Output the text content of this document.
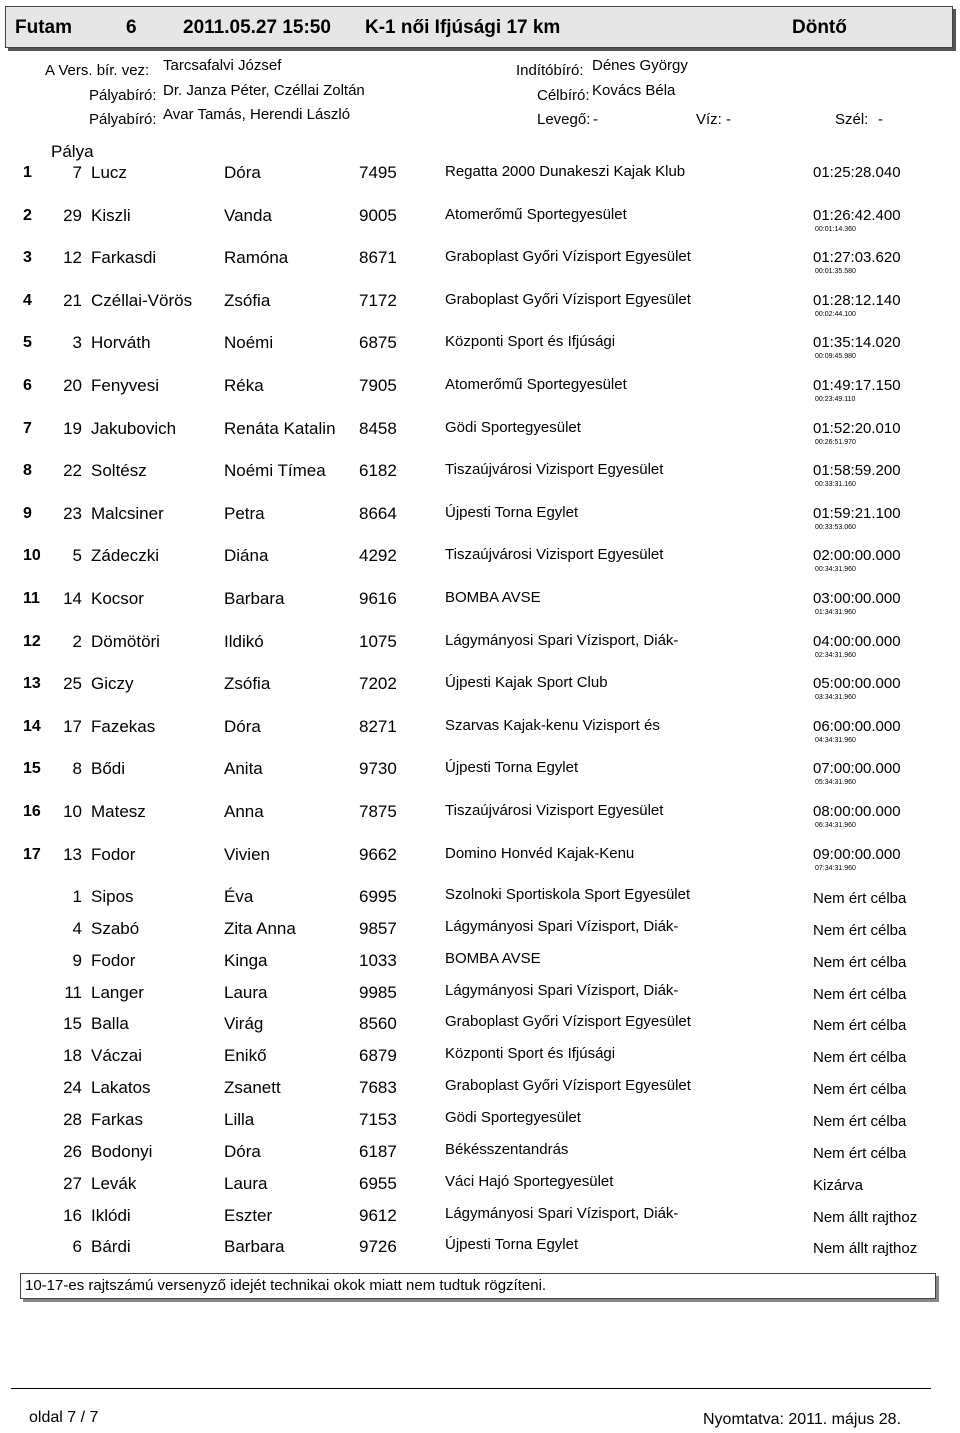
Futam	6 2011.05.27 15:50 K-1 női Ifjúsági 17 km	Döntő
A Vers. bír. vez: Tarcsafalvi József
Pályabíró: Dr. Janza Péter, Czéllai Zoltán
Pályabíró: Avar Tamás, Herendi László
Indítóbíró: Dénes György
Célbíró: Kovács Béla
Levegő: -	Víz: -	Szél: -
Pálya
1	7 Lucz	Dóra	7495	Regatta 2000 Dunakeszi Kajak Klub	01:25:28.040
2	29 Kiszli	Vanda	9005	Atomerőmű Sportegyesület	01:26:42.400
00:01:14.360
3	12 Farkasdi	Ramóna	8671	Graboplast Győri Vízisport Egyesület	01:27:03.620
00:01:35.580
4	21 Czéllai-Vörös Zsófia	7172	Graboplast Győri Vízisport Egyesület	01:28:12.140
00:02:44.100
5	3 Horváth	Noémi	6875	Központi Sport és Ifjúsági	01:35:14.020
00:09:45.980
6	20 Fenyvesi	Réka	7905	Atomerőmű Sportegyesület	01:49:17.150
00:23:49.110
7	19 Jakubovich	Renáta Katalin 8458	Gödi Sportegyesület	01:52:20.010
00:26:51.970
8	22 Soltész	Noémi Tímea 6182	Tiszaújvárosi Vizisport Egyesület	01:58:59.200
00:33:31.160
9	23 Malcsiner	Petra	8664	Újpesti Torna Egylet	01:59:21.100
00:33:53.060
10	5 Zádeczki	Diána	4292	Tiszaújvárosi Vizisport Egyesület	02:00:00.000
00:34:31.960
11	14 Kocsor	Barbara	9616	BOMBA AVSE	03:00:00.000
01:34:31.960
12	2 Dömötöri	Ildikó	1075	Lágymányosi Spari Vízisport, Diák-	04:00:00.000
02:34:31.960
13	25 Giczy	Zsófia	7202	Újpesti Kajak Sport Club	05:00:00.000
03:34:31.960
14	17 Fazekas	Dóra	8271	Szarvas Kajak-kenu Vizisport és	06:00:00.000
04:34:31.960
15	8 Bődi	Anita	9730	Újpesti Torna Egylet	07:00:00.000
05:34:31.960
16	10 Matesz	Anna	7875	Tiszaújvárosi Vizisport Egyesület	08:00:00.000
06:34:31.960
17	13 Fodor	Vivien	9662	Domino Honvéd Kajak-Kenu	09:00:00.000
07:34:31.960
1 Sipos	Éva	6995	Szolnoki Sportiskola Sport Egyesület	Nem ért célba
4 Szabó	Zita Anna	9857	Lágymányosi Spari Vízisport, Diák-	Nem ért célba
9 Fodor	Kinga	1033	BOMBA AVSE	Nem ért célba
11 Langer	Laura	9985	Lágymányosi Spari Vízisport, Diák-	Nem ért célba
15 Balla	Virág	8560	Graboplast Győri Vízisport Egyesület	Nem ért célba
18 Váczai	Enikő	6879	Központi Sport és Ifjúsági	Nem ért célba
24 Lakatos	Zsanett	7683	Graboplast Győri Vízisport Egyesület	Nem ért célba
28 Farkas	Lilla	7153	Gödi Sportegyesület	Nem ért célba
26 Bodonyi	Dóra	6187	Békésszentandrás	Nem ért célba
27 Levák	Laura	6955	Váci Hajó Sportegyesület	Kizárva
16 Iklódi	Eszter	9612	Lágymányosi Spari Vízisport, Diák-	Nem állt rajthoz
6 Bárdi	Barbara	9726	Újpesti Torna Egylet	Nem állt rajthoz
10-17-es rajtszámú versenyző idejét technikai okok miatt nem tudtuk rögzíteni.
oldal 7 / 7	Nyomtatva: 2011. május 28.
